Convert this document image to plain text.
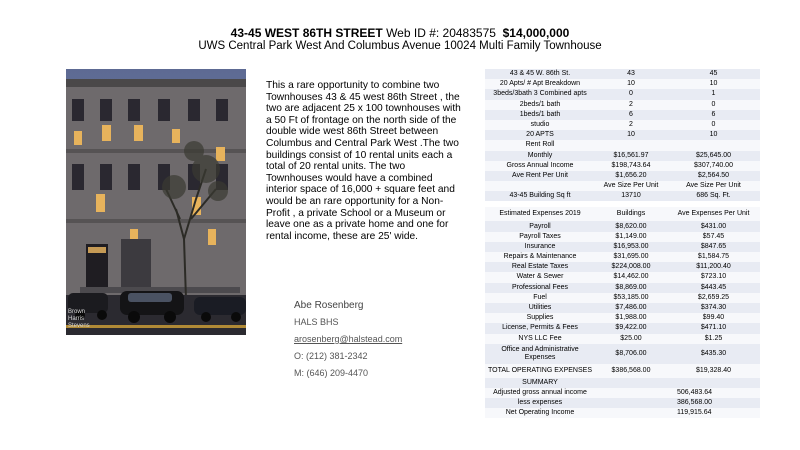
43-45 WEST 86TH STREET Web ID #: 20483575 $14,000,000
UWS Central Park West And Columbus Avenue 10024 Multi Family Townhouse
Brown
Harris
Stevens
This a rare opportunity to combine two Townhouses 43 & 45 west 86th Street , the two are adjacent 25 x 100 townhouses with a 50 Ft of frontage on the north side of the double wide west 86th Street between Columbus and Central Park West .The two buildings consist of 10 rental units each a total of 20 rental units. The two Townhouses would have a combined interior space of 16,000 + square feet and would be an rare opportunity for a Non-Profit , a private School or a Museum or leave one as a private home and one for rental income, these are 25' wide.
Abe Rosenberg
HALS BHS
arosenberg@halstead.com
O: (212) 381-2342
M: (646) 209-4470
43 & 45 W. 86th St.	43	45
20 Apts/ # Apt Breakdown	10	10
3beds/3bath 3 Combined apts	0	1
2beds/1 bath	2	0
1beds/1 bath	6	6
studio	2	0
20 APTS	10	10
Rent Roll		
Monthly	$16,561.97	$25,645.00
Gross Annual Income	$198,743.64	$307,740.00
Ave Rent Per Unit	$1,656.20	$2,564.50
	Ave Size Per Unit	Ave Size Per Unit
43-45 Building Sq ft	13710	686 Sq. Ft.

Estimated Expenses 2019	Buildings	Ave Expenses Per Unit
Payroll	$8,620.00	$431.00
Payroll Taxes	$1,149.00	$57.45
Insurance	$16,953.00	$847.65
Repairs & Maintenance	$31,695.00	$1,584.75
Real Estate Taxes	$224,008.00	$11,200.40
Water & Sewer	$14,462.00	$723.10
Professional Fees	$8,869.00	$443.45
Fuel	$53,185.00	$2,659.25
Utilities	$7,486.00	$374.30
Supplies	$1,988.00	$99.40
License, Permits & Fees	$9,422.00	$471.10
NYS LLC Fee	$25.00	$1.25
Office and Administrative Expenses	$8,706.00	$435.30
TOTAL OPERATING EXPENSES	$386,568.00	$19,328.40
SUMMARY		
Adjusted gross annual income		506,483.64
less expenses		386,568.00
Net Operating Income		119,915.64
